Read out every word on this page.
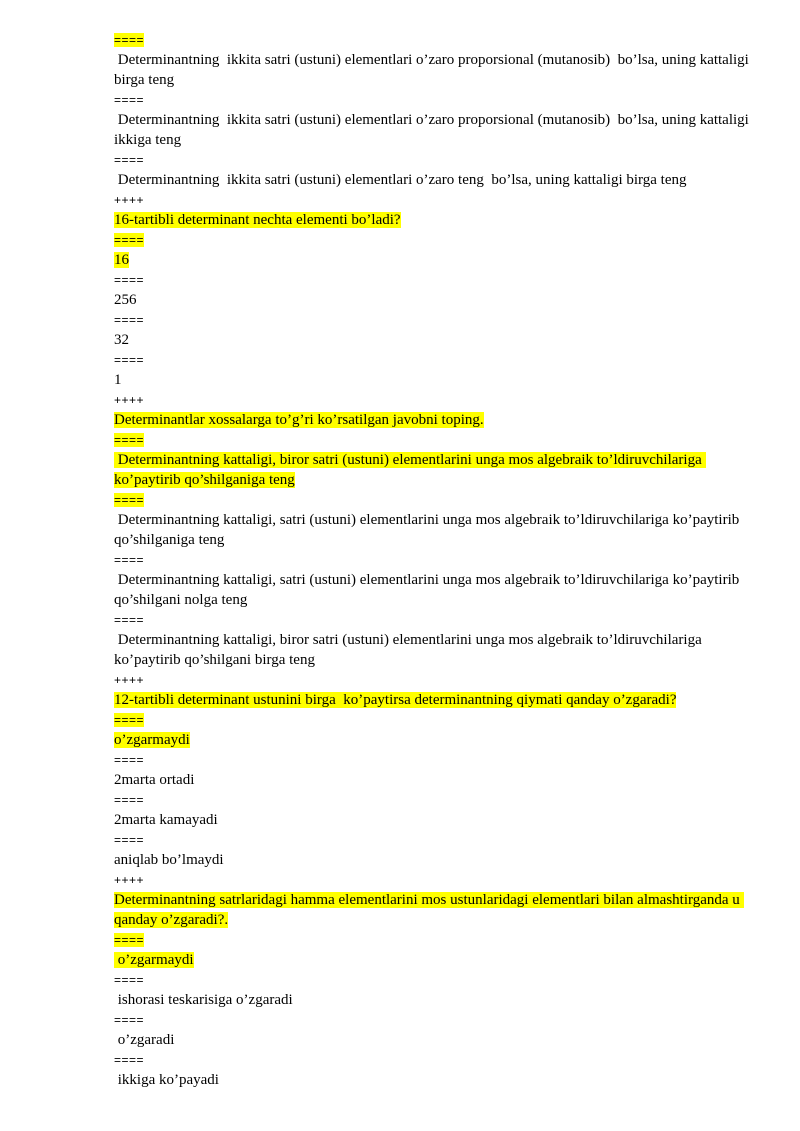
====
Determinantning  ikkita satri (ustuni) elementlari o’zaro proporsional (mutanosib)  bo’lsa, uning kattaligi birga teng
====
Determinantning  ikkita satri (ustuni) elementlari o’zaro proporsional (mutanosib)  bo’lsa, uning kattaligi ikkiga teng
====
Determinantning  ikkita satri (ustuni) elementlari o’zaro teng  bo’lsa, uning kattaligi birga teng
++++
16-tartibli determinant nechta elementi bo’ladi?
====
16
====
256
====
32
====
1
++++
Determinantlar xossalarga to’g’ri ko’rsatilgan javobni toping.
====
Determinantning kattaligi, biror satri (ustuni) elementlarini unga mos algebraik to’ldiruvchilariga ko’paytirib qo’shilganiga teng
====
Determinantning kattaligi, satri (ustuni) elementlarini unga mos algebraik to’ldiruvchilariga ko’paytirib qo’shilganiga teng
====
Determinantning kattaligi, satri (ustuni) elementlarini unga mos algebraik to’ldiruvchilariga ko’paytirib qo’shilgani nolga teng
====
Determinantning kattaligi, biror satri (ustuni) elementlarini unga mos algebraik to’ldiruvchilariga ko’paytirib qo’shilgani birga teng
++++
12-tartibli determinant ustunini birga  ko’paytirsa determinantning qiymati qanday o’zgaradi?
====
o’zgarmaydi
====
2marta ortadi
====
2marta kamayadi
====
aniqlab bo’lmaydi
++++
Determinantning satrlaridagi hamma elementlarini mos ustunlaridagi elementlari bilan almashtirganda u qanday o’zgaradi?.
====
o’zgarmaydi
====
ishorasi teskarisiga o’zgaradi
====
o’zgaradi
====
ikkiga ko’payadi
